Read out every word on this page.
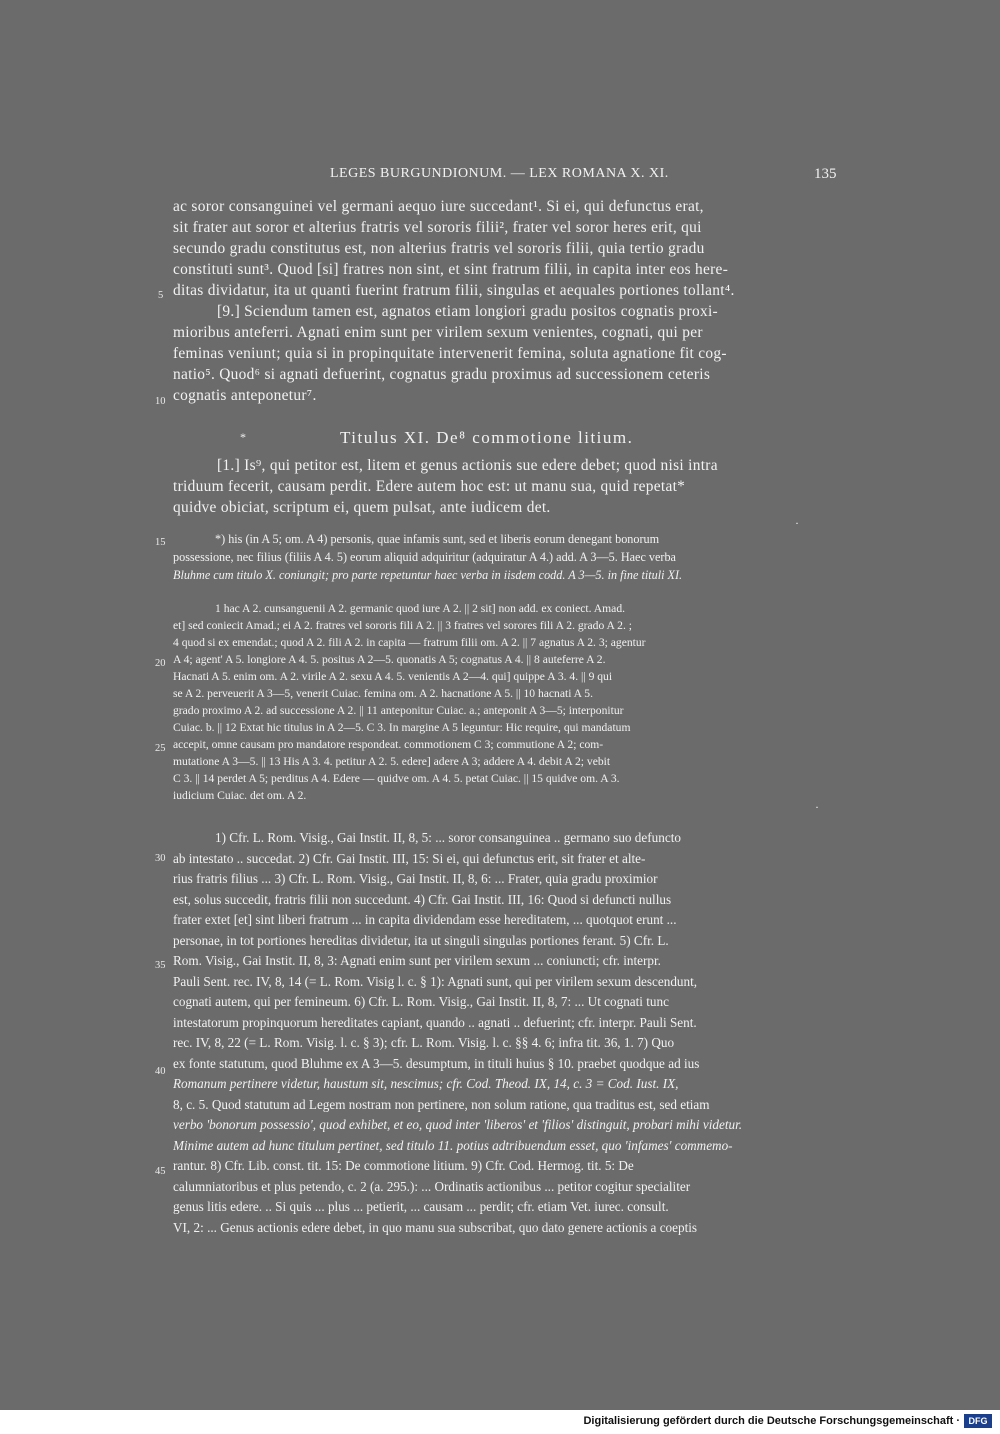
LEGES BURGUNDIONUM. — LEX ROMANA X. XI.	135
ac soror consanguinei vel germani aequo iure succedant¹. Si ei, qui defunctus erat,
sit frater aut soror et alterius fratris vel sororis filii², frater vel soror heres erit, qui
secundo gradu constitutus est, non alterius fratris vel sororis filii, quia tertio gradu
constituti sunt³. Quod [si] fratres non sint, et sint fratrum filii, in capita inter eos here-
ditas dividatur, ita ut quanti fuerint fratrum filii, singulas et aequales portiones tollant⁴.
[9.] Sciendum tamen est, agnatos etiam longiori gradu positos cognatis proxi-
mioribus anteferri. Agnati enim sunt per virilem sexum venientes, cognati, qui per
feminas veniunt; quia si in propinquitate intervenerit femina, soluta agnatione fit cog-
natio⁵. Quod⁶ si agnati defuerint, cognatus gradu proximus ad successionem ceteris
cognatis anteponetur⁷.
*	Titulus XI. De⁸ commotione litium.
[1.] Is⁹, qui petitor est, litem et genus actionis sue edere debet; quod nisi intra
triduum fecerit, causam perdit. Edere autem hoc est: ut manu sua, quid repetat*
quidve obiciat, scriptum ei, quem pulsat, ante iudicem det.
·
*) his (in A 5; om. A 4) personis, quae infamis sunt, sed et liberis eorum denegant bonorum
possessione, nec filius (filiis A 4. 5) eorum aliquid adquiritur (adquiratur A 4.) add. A 3—5. Haec verba
Bluhme cum titulo X. coniungit; pro parte repetuntur haec verba in iisdem codd. A 3—5. in fine tituli XI.
1 hac A 2. cunsanguenii A 2. germanic quod iure A 2. || 2 sit] non add. ex coniect. Amad.
et] sed coniecit Amad.; ei A 2. fratres vel sororis fili A 2. || 3 fratres vel sorores fili A 2. grado A 2. ;
4 quod si ex emendat.; quod A 2. fili A 2. in capita — fratrum filii om. A 2. || 7 agnatus A 2. 3; agentur
A 4; agent' A 5. longiore A 4. 5. positus A 2—5. quonatis A 5; cognatus A 4. || 8 auteferre A 2.
Hacnati A 5. enim om. A 2. virile A 2. sexu A 4. 5. venientis A 2—4. qui] quippe A 3. 4. || 9 qui
se A 2. perveuerit A 3—5, venerit Cuiac. femina om. A 2. hacnatione A 5. || 10 hacnati A 5.
grado proximo A 2. ad successione A 2. || 11 anteponitur Cuiac. a.; anteponit A 3—5; interponitur
Cuiac. b. || 12 Extat hic titulus in A 2—5. C 3. In margine A 5 leguntur: Hic require, qui mandatum
accepit, omne causam pro mandatore respondeat. commotionem C 3; commutione A 2; com-
mutatione A 3—5. || 13 His A 3. 4. petitur A 2. 5. edere] adere A 3; addere A 4. debit A 2; vebit
C 3. || 14 perdet A 5; perditus A 4. Edere — quidve om. A 4. 5. petat Cuiac. || 15 quidve om. A 3.
iudicium Cuiac. det om. A 2.
·
1) Cfr. L. Rom. Visig., Gai Instit. II, 8, 5: ... soror consanguinea .. germano suo defuncto
ab intestato .. succedat. 2) Cfr. Gai Instit. III, 15: Si ei, qui defunctus erit, sit frater et alte-
rius fratris filius ... 3) Cfr. L. Rom. Visig., Gai Instit. II, 8, 6: ... Frater, quia gradu proximior
est, solus succedit, fratris filii non succedunt. 4) Cfr. Gai Instit. III, 16: Quod si defuncti nullus
frater extet [et] sint liberi fratrum ... in capita dividendam esse hereditatem, ... quotquot erunt ...
personae, in tot portiones hereditas dividetur, ita ut singuli singulas portiones ferant. 5) Cfr. L.
Rom. Visig., Gai Instit. II, 8, 3: Agnati enim sunt per virilem sexum ... coniuncti; cfr. interpr.
Pauli Sent. rec. IV, 8, 14 (= L. Rom. Visig l. c. § 1): Agnati sunt, qui per virilem sexum descendunt,
cognati autem, qui per femineum. 6) Cfr. L. Rom. Visig., Gai Instit. II, 8, 7: ... Ut cognati tunc
intestatorum propinquorum hereditates capiant, quando .. agnati .. defuerint; cfr. interpr. Pauli Sent.
rec. IV, 8, 22 (= L. Rom. Visig. l. c. § 3); cfr. L. Rom. Visig. l. c. §§ 4. 6; infra tit. 36, 1. 7) Quo
ex fonte statutum, quod Bluhme ex A 3—5. desumptum, in tituli huius § 10. praebet quodque ad ius
Romanum pertinere videtur, haustum sit, nescimus; cfr. Cod. Theod. IX, 14, c. 3 = Cod. Iust. IX,
8, c. 5. Quod statutum ad Legem nostram non pertinere, non solum ratione, qua traditus est, sed etiam
verbo 'bonorum possessio', quod exhibet, et eo, quod inter 'liberos' et 'filios' distinguit, probari mihi videtur.
Minime autem ad hunc titulum pertinet, sed titulo 11. potius adtribuendum esset, quo 'infames' commemo-
rantur. 8) Cfr. Lib. const. tit. 15: De commotione litium. 9) Cfr. Cod. Hermog. tit. 5: De
calumniatoribus et plus petendo, c. 2 (a. 295.): ... Ordinatis actionibus ... petitor cogitur specialiter
genus litis edere. .. Si quis ... plus ... petierit, ... causam ... perdit; cfr. etiam Vet. iurec. consult.
VI, 2: ... Genus actionis edere debet, in quo manu sua subscribat, quo dato genere actionis a coeptis
5
10
15
20
25
30
35
40
45
Digitalisierung gefördert durch die Deutsche Forschungsgemeinschaft · DFG
